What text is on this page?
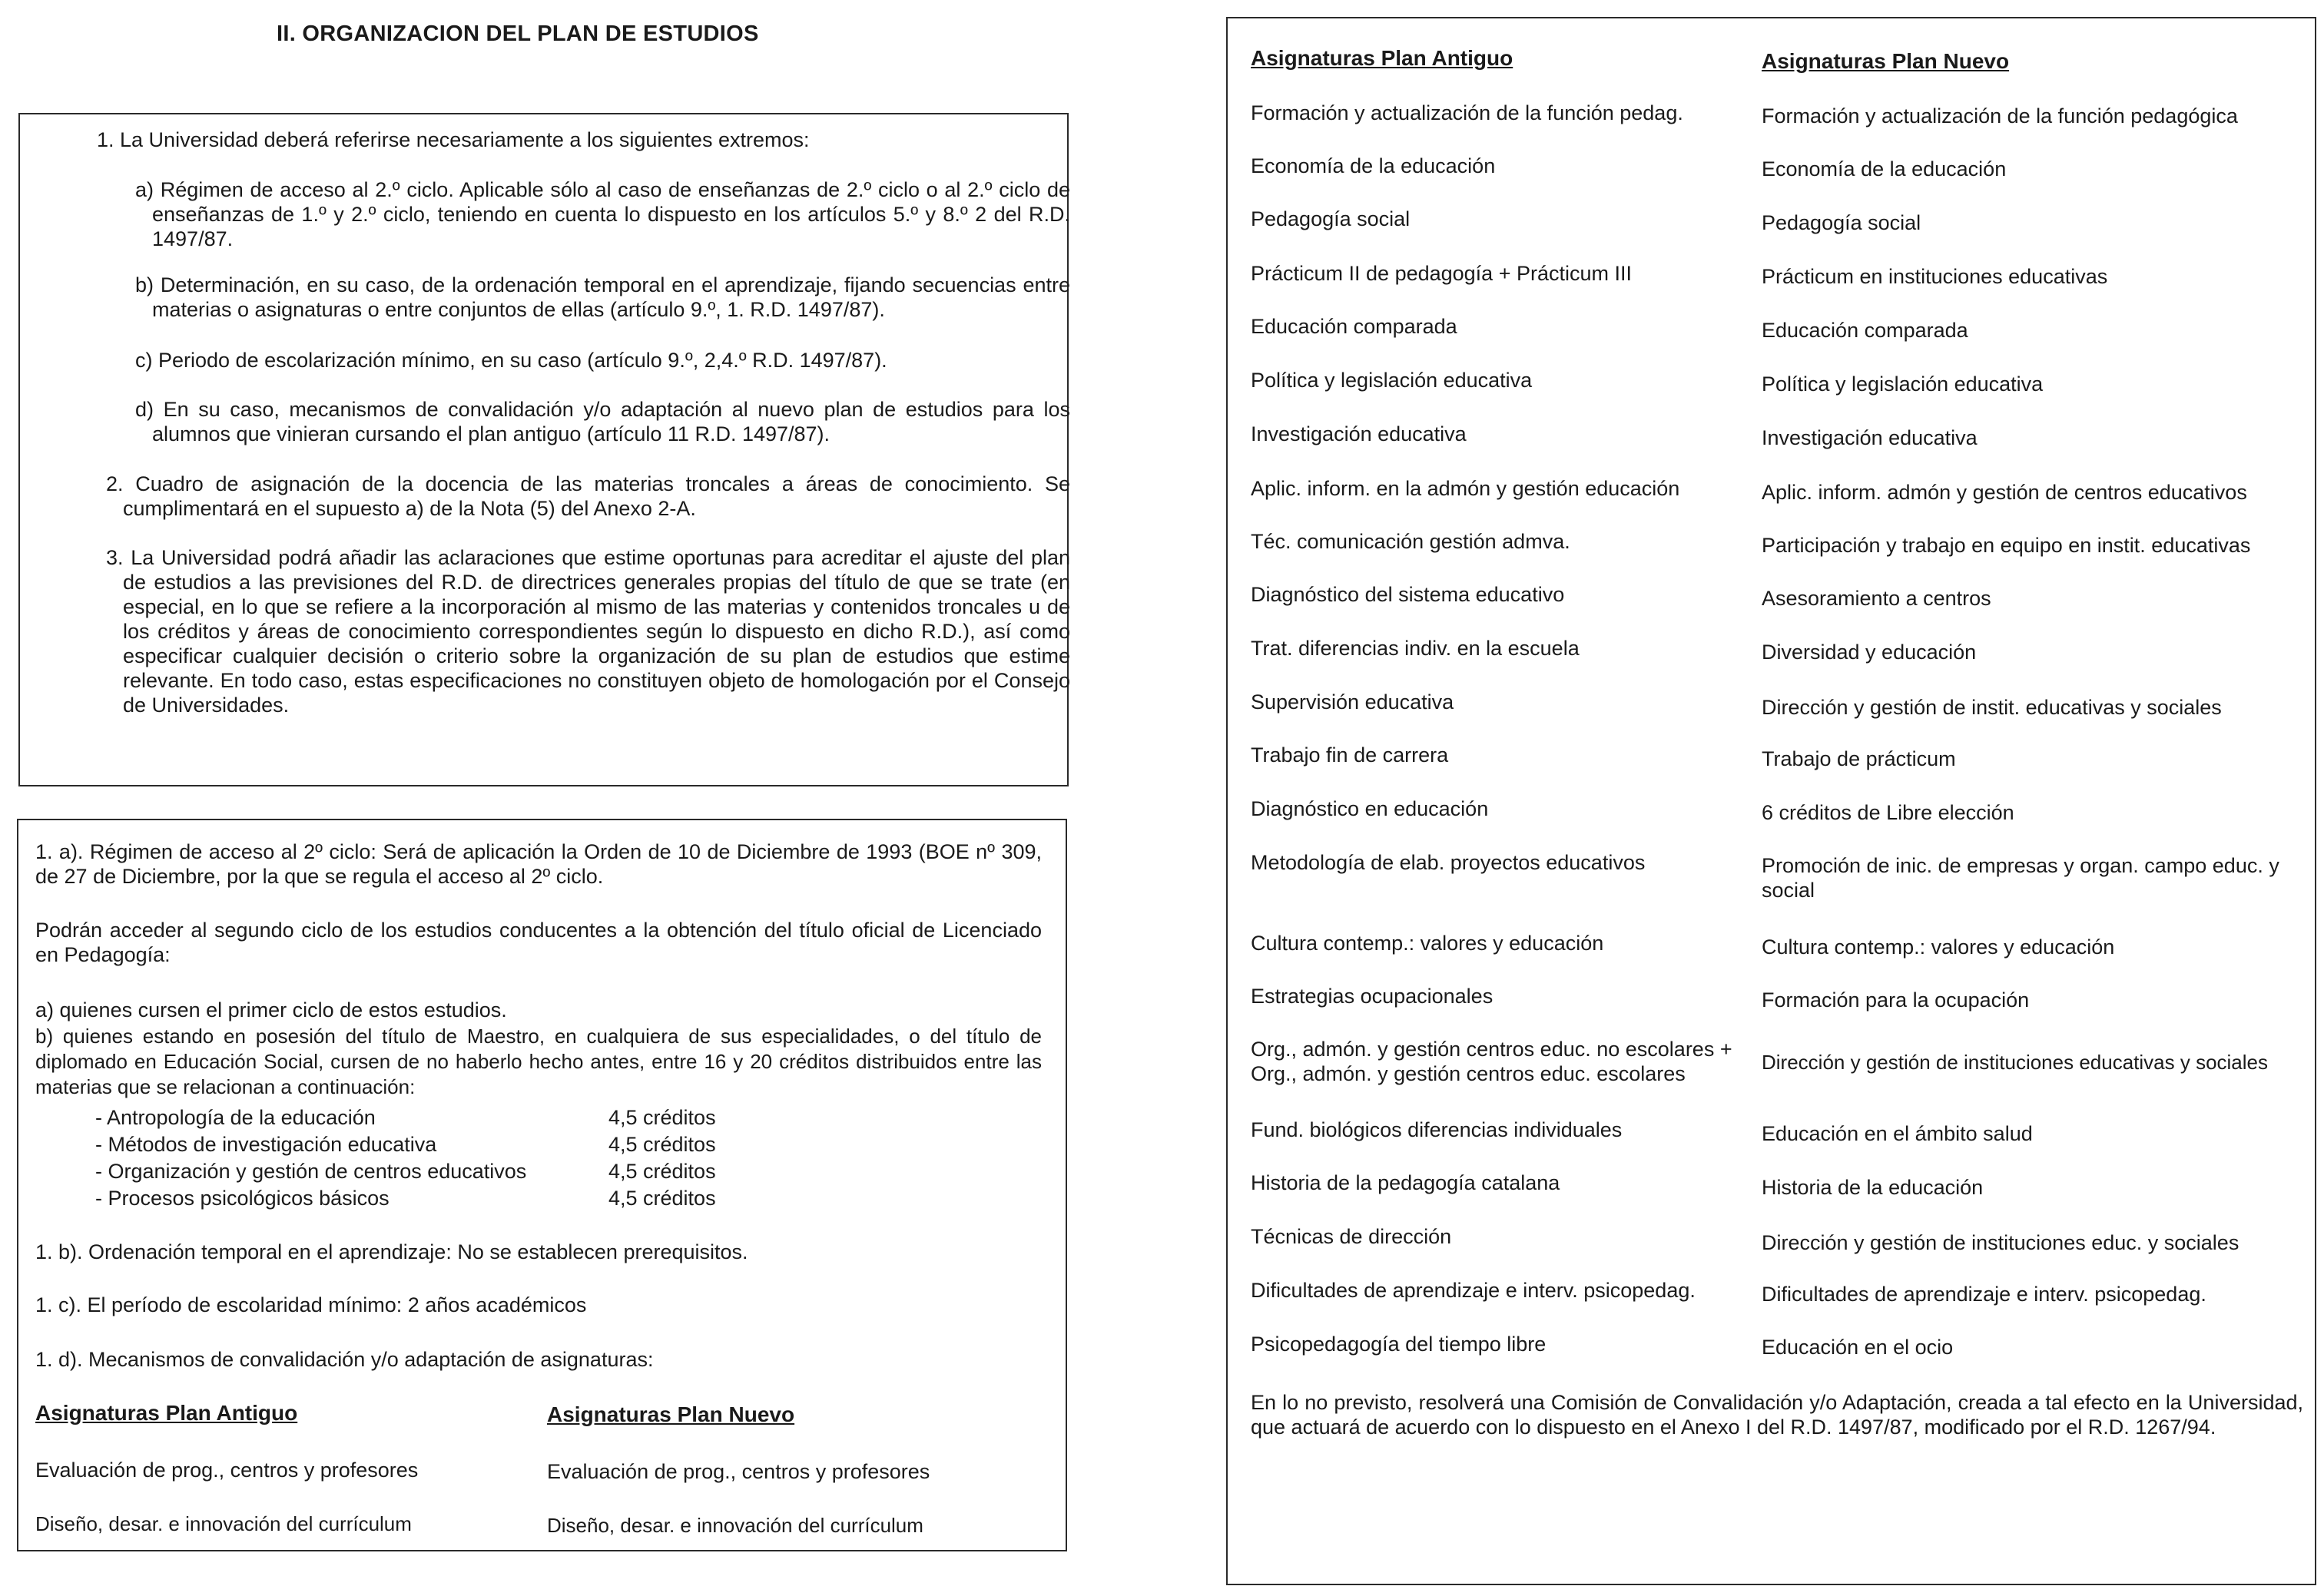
II. ORGANIZACION DEL PLAN DE ESTUDIOS

1. La Universidad deberá referirse necesariamente a los siguientes extremos:

a) Régimen de acceso al 2.º ciclo. Aplicable sólo al caso de enseñanzas de 2.º ciclo o al 2.º ciclo de enseñanzas de 1.º y 2.º ciclo, teniendo en cuenta lo dispuesto en los artículos 5.º y 8.º 2 del R.D. 1497/87.

b) Determinación, en su caso, de la ordenación temporal en el aprendizaje, fijando secuencias entre materias o asignaturas o entre conjuntos de ellas (artículo 9.º, 1. R.D. 1497/87).

c) Periodo de escolarización mínimo, en su caso (artículo 9.º, 2,4.º R.D. 1497/87).

d) En su caso, mecanismos de convalidación y/o adaptación al nuevo plan de estudios para los alumnos que vinieran cursando el plan antiguo (artículo 11 R.D. 1497/87).

2. Cuadro de asignación de la docencia de las materias troncales a áreas de conocimiento. Se cumplimentará en el supuesto a) de la Nota (5) del Anexo 2-A.

3. La Universidad podrá añadir las aclaraciones que estime oportunas para acreditar el ajuste del plan de estudios a las previsiones del R.D. de directrices generales propias del título de que se trate (en especial, en lo que se refiere a la incorporación al mismo de las materias y contenidos troncales u de los créditos y áreas de conocimiento correspondientes según lo dispuesto en dicho R.D.), así como especificar cualquier decisión o criterio sobre la organización de su plan de estudios que estime relevante. En todo caso, estas especificaciones no constituyen objeto de homologación por el Consejo de Universidades.

1. a). Régimen de acceso al 2º ciclo: Será de aplicación la Orden de 10 de Diciembre de 1993 (BOE nº 309, de 27 de Diciembre, por la que se regula el acceso al 2º ciclo.

Podrán acceder al segundo ciclo de los estudios conducentes a la obtención del título oficial de Licenciado en Pedagogía:

a) quienes cursen el primer ciclo de estos estudios.

b) quienes estando en posesión del título de Maestro, en cualquiera de sus especialidades, o del título de diplomado en Educación Social, cursen de no haberlo hecho antes, entre 16 y 20 créditos distribuidos entre las materias que se relacionan a continuación:

- Antropología de la educación	4,5 créditos
- Métodos de investigación educativa	4,5 créditos
- Organización y gestión de centros educativos	4,5 créditos
- Procesos psicológicos básicos	4,5 créditos

1. b). Ordenación temporal en el aprendizaje: No se establecen prerequisitos.

1. c). El período de escolaridad mínimo: 2 años académicos

1. d). Mecanismos de convalidación y/o adaptación de asignaturas:

Asignaturas Plan Antiguo	Asignaturas Plan Nuevo
Evaluación de prog., centros y profesores	Evaluación de prog., centros y profesores
Diseño, desar. e innovación del currículum	Diseño, desar. e innovación del currículum
Asignaturas Plan Antiguo	Asignaturas Plan Nuevo
Formación y actualización de la función pedag.	Formación y actualización de la función pedagógica
Economía de la educación	Economía de la educación
Pedagogía social	Pedagogía social
Prácticum II de pedagogía + Prácticum III	Prácticum en instituciones educativas
Educación comparada	Educación comparada
Política y legislación educativa	Política y legislación educativa
Investigación educativa	Investigación educativa
Aplic. inform. en la admón y gestión educación	Aplic. inform. admón y gestión de centros educativos
Téc. comunicación gestión admva.	Participación y trabajo en equipo en instit. educativas
Diagnóstico del sistema educativo	Asesoramiento a centros
Trat. diferencias indiv. en la escuela	Diversidad y educación
Supervisión educativa	Dirección y gestión de instit. educativas y sociales
Trabajo fin de carrera	Trabajo de prácticum
Diagnóstico en educación	6 créditos de Libre elección
Metodología de elab. proyectos educativos	Promoción de inic. de empresas y organ. campo educ. y social
Cultura contemp.: valores y educación	Cultura contemp.: valores y educación
Estrategias ocupacionales	Formación para la ocupación
Org., admón. y gestión centros educ. no escolares + Org., admón. y gestión centros educ. escolares	Dirección y gestión de instituciones educativas y sociales
Fund. biológicos diferencias individuales	Educación en el ámbito salud
Historia de la pedagogía catalana	Historia de la educación
Técnicas de dirección	Dirección y gestión de instituciones educ. y sociales
Dificultades de aprendizaje e interv. psicopedag.	Dificultades de aprendizaje e interv. psicopedag.
Psicopedagogía del tiempo libre	Educación en el ocio

En lo no previsto, resolverá una Comisión de Convalidación y/o Adaptación, creada a tal efecto en la Universidad, que actuará de acuerdo con lo dispuesto en el Anexo I del R.D. 1497/87, modificado por el R.D. 1267/94.
